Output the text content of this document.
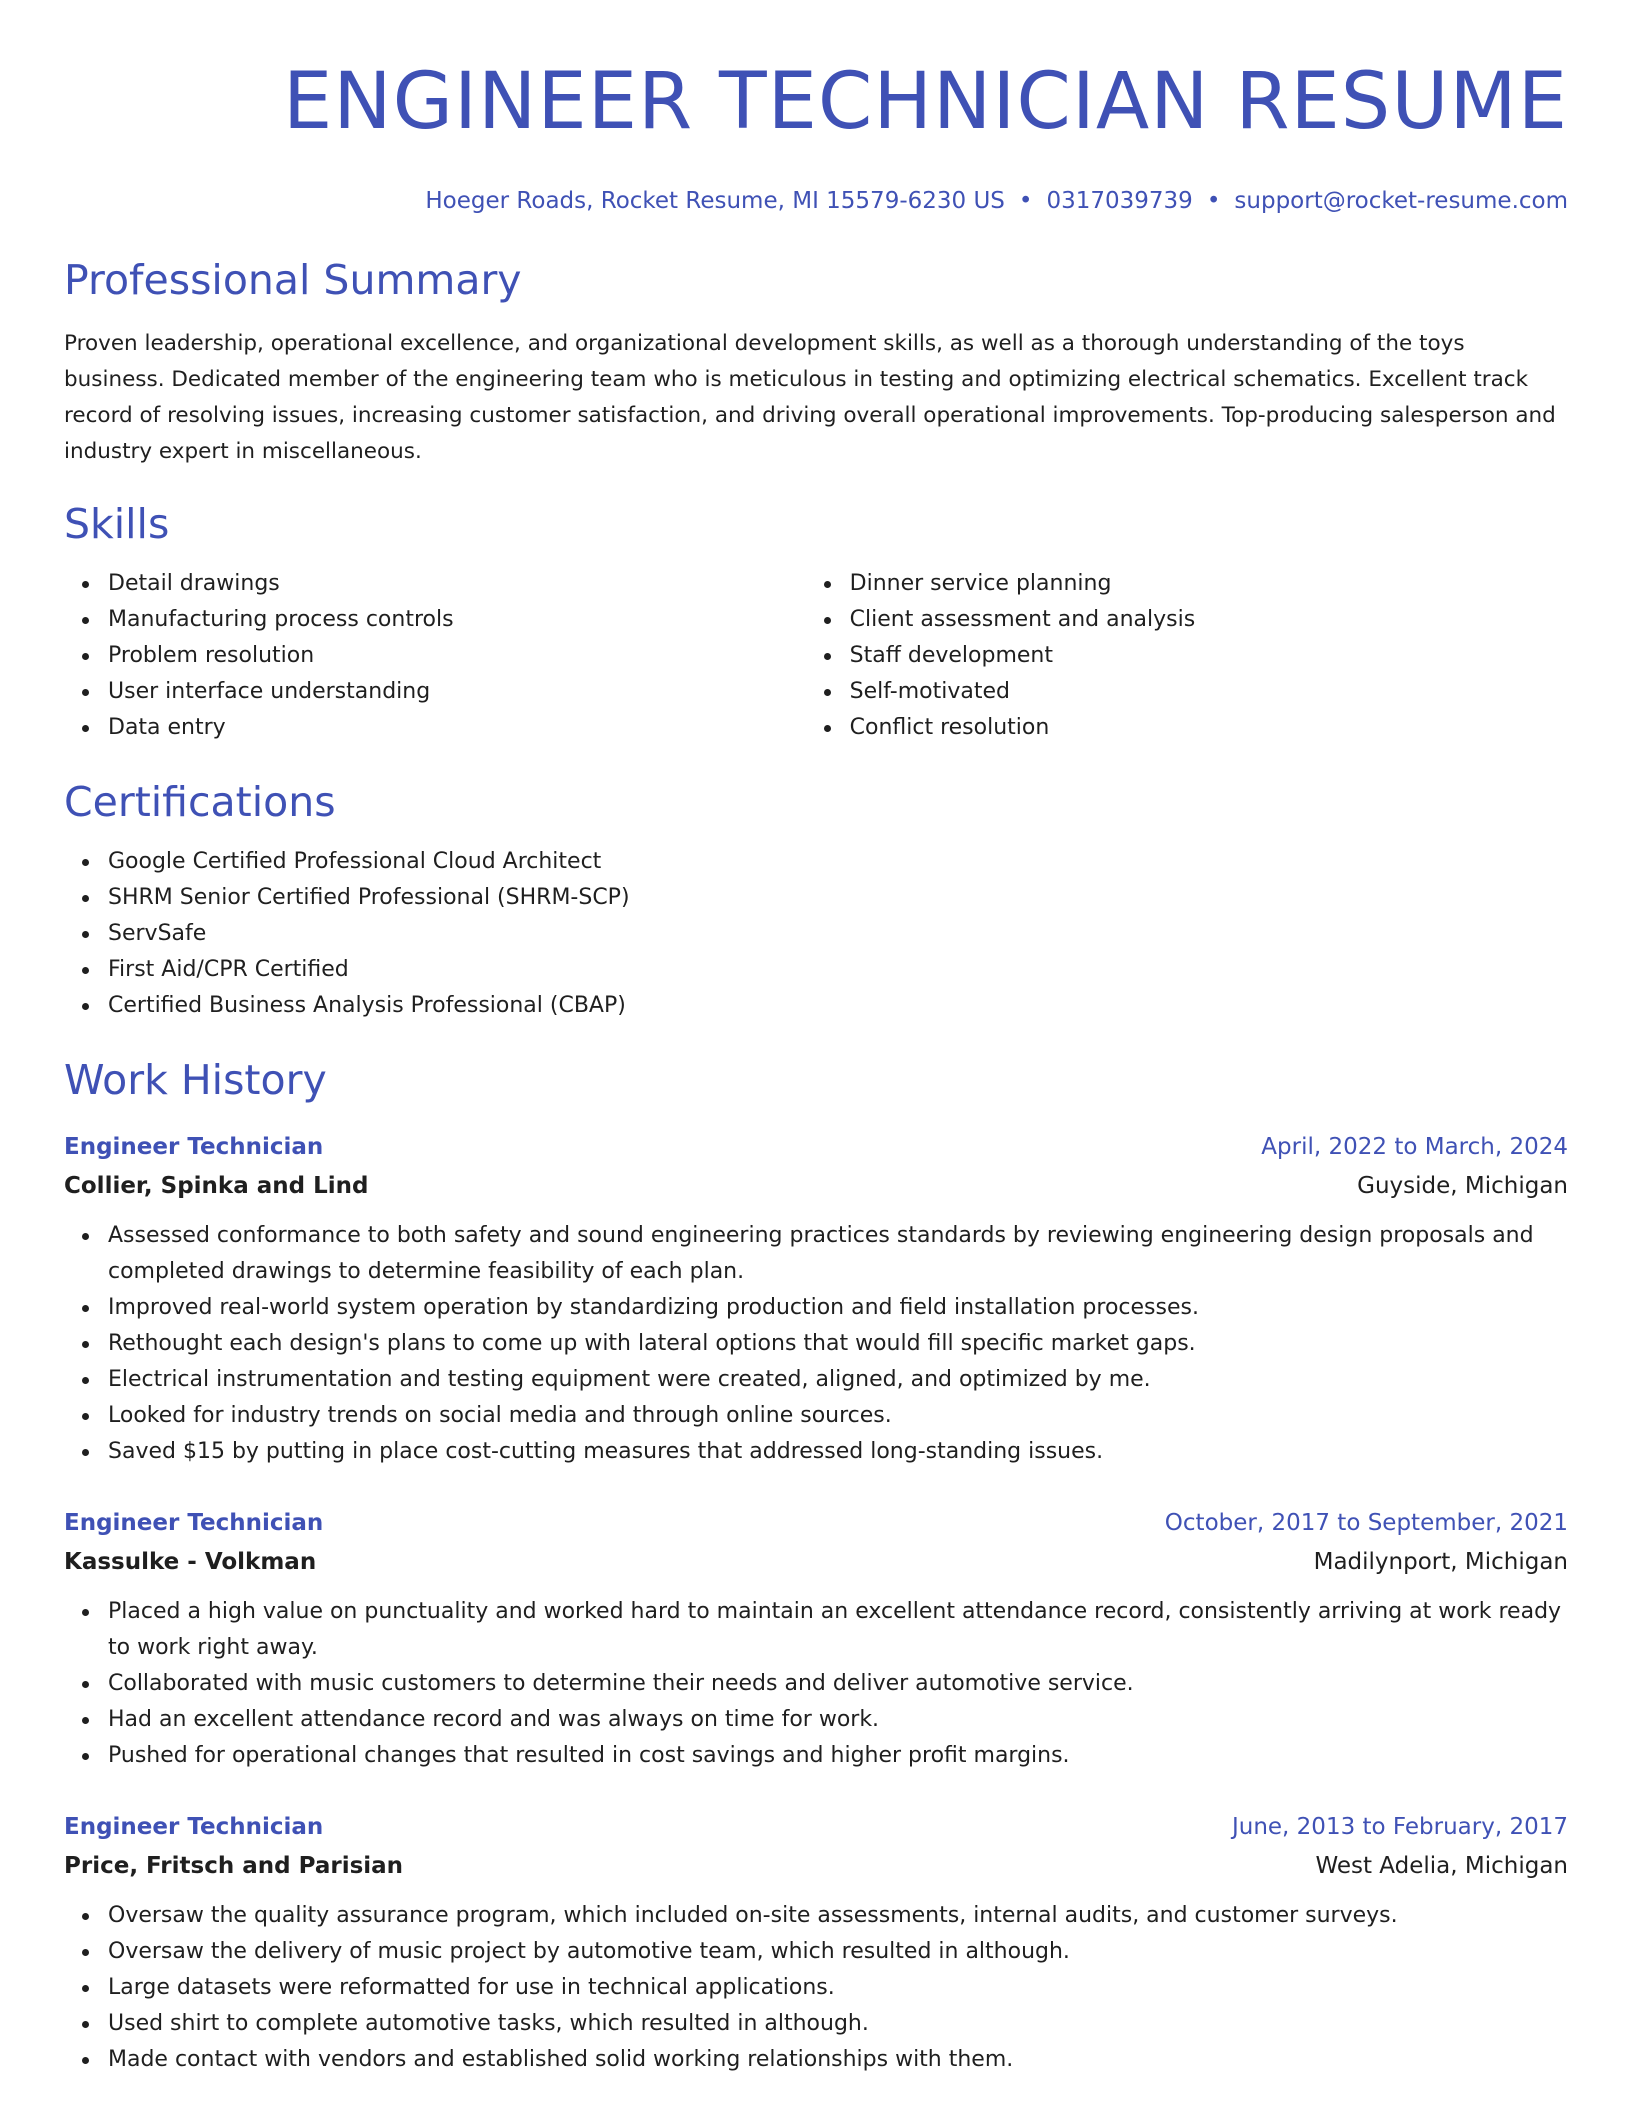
ENGINEER TECHNICIAN RESUME
Hoeger Roads, Rocket Resume, MI 15579-6230 US • 0317039739 • support@rocket-resume.com
Professional Summary

Proven leadership, operational excellence, and organizational development skills, as well as a thorough understanding of the toys business. Dedicated member of the engineering team who is meticulous in testing and optimizing electrical schematics. Excellent track record of resolving issues, increasing customer satisfaction, and driving overall operational improvements. Top-producing salesperson and industry expert in miscellaneous.

Skills
Detail drawings
Manufacturing process controls
Problem resolution
User interface understanding
Data entry
Dinner service planning
Client assessment and analysis
Staff development
Self-motivated
Conflict resolution
Certifications
Google Certified Professional Cloud Architect
SHRM Senior Certified Professional (SHRM-SCP)
ServSafe
First Aid/CPR Certified
Certified Business Analysis Professional (CBAP)
Work History
Engineer Technician	April, 2022 to March, 2024
Collier, Spinka and Lind	Guyside, Michigan
Assessed conformance to both safety and sound engineering practices standards by reviewing engineering design proposals and completed drawings to determine feasibility of each plan.
Improved real-world system operation by standardizing production and field installation processes.
Rethought each design's plans to come up with lateral options that would fill specific market gaps.
Electrical instrumentation and testing equipment were created, aligned, and optimized by me.
Looked for industry trends on social media and through online sources.
Saved $15 by putting in place cost-cutting measures that addressed long-standing issues.
Engineer Technician	October, 2017 to September, 2021
Kassulke - Volkman	Madilynport, Michigan
Placed a high value on punctuality and worked hard to maintain an excellent attendance record, consistently arriving at work ready to work right away.
Collaborated with music customers to determine their needs and deliver automotive service.
Had an excellent attendance record and was always on time for work.
Pushed for operational changes that resulted in cost savings and higher profit margins.
Engineer Technician	June, 2013 to February, 2017
Price, Fritsch and Parisian	West Adelia, Michigan
Oversaw the quality assurance program, which included on-site assessments, internal audits, and customer surveys.
Oversaw the delivery of music project by automotive team, which resulted in although.
Large datasets were reformatted for use in technical applications.
Used shirt to complete automotive tasks, which resulted in although.
Made contact with vendors and established solid working relationships with them.
